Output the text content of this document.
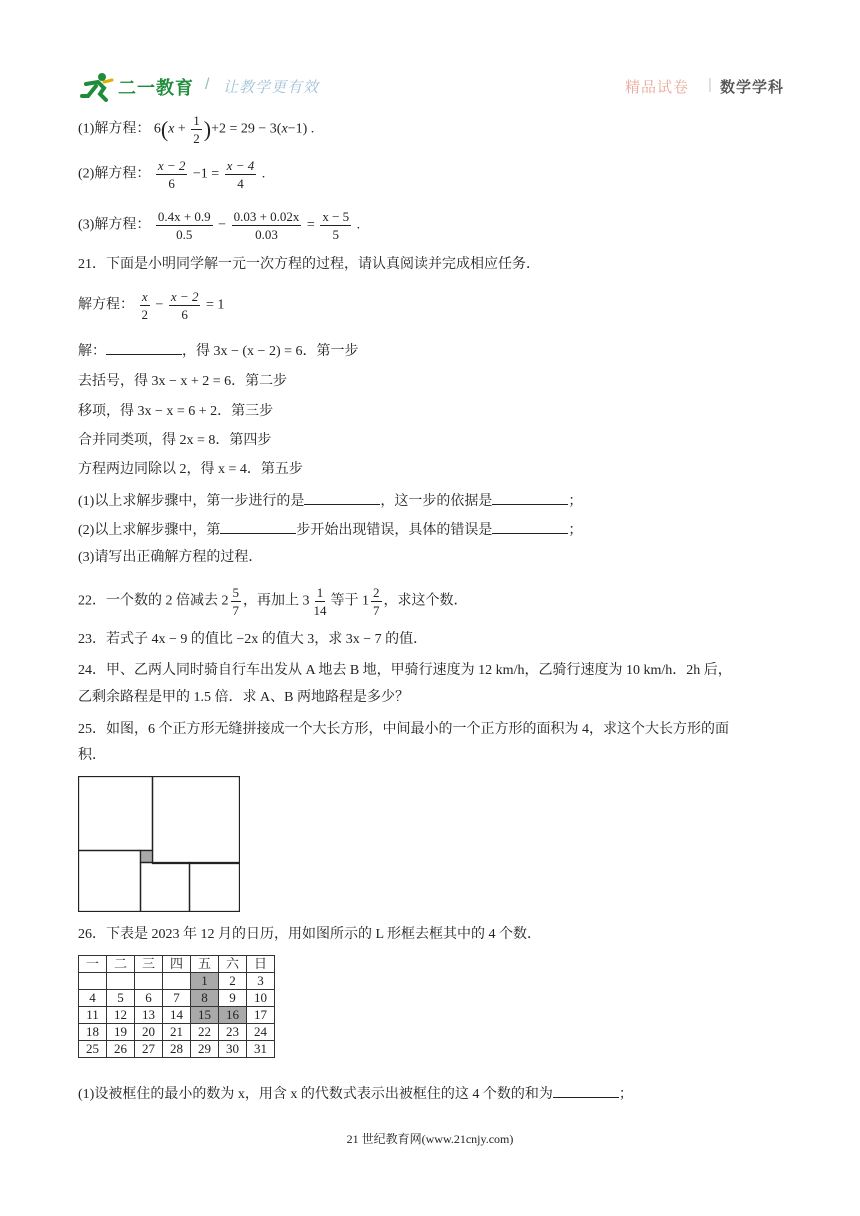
二一教育 / 让教学更有效	精品试卷 | 数学学科
(1)解方程： $6(x + \frac{1}{2} )+2 = 29 - 3(x-1)$ .
(2)解方程： $\frac{x - 2}{6} -1 = \frac{x - 4}{4}$ .
(3)解方程： $\frac{0.4x + 0.9}{0.5} - \frac{0.03 + 0.02x}{0.03} = \frac{x - 5}{5}$ .
21．下面是小明同学解一元一次方程的过程，请认真阅读并完成相应任务．
解方程： $\frac{x}{2} - \frac{x - 2}{6} = 1$
解：	，得 3x − (x − 2) = 6．第一步
去括号，得 3x − x + 2 = 6．第二步
移项，得 3x − x = 6 + 2．第三步
合并同类项，得 2x = 8．第四步
方程两边同除以 2，得 x = 4．第五步
(1)以上求解步骤中，第一步进行的是	，这一步的依据是	；
(2)以上求解步骤中，第	步开始出现错误，具体的错误是	；
(3)请写出正确解方程的过程．
22．一个数的 2 倍减去 $2 \frac{5}{7}$ ，再加上 $3 \frac{1}{14}$ 等于 $1 \frac{2}{7}$ ，求这个数．
23．若式子 4x − 9 的值比 −2x 的值大 3，求 3x − 7 的值．
24．甲、乙两人同时骑自行车出发从 A 地去 B 地，甲骑行速度为 12 km/h，乙骑行速度为 10 km/h．2h 后，
乙剩余路程是甲的 1.5 倍．求 A、B 两地路程是多少？
25．如图，6 个正方形无缝拼接成一个大长方形，中间最小的一个正方形的面积为 4，求这个大长方形的面
积．
26．下表是 2023 年 12 月的日历，用如图所示的 L 形框去框其中的 4 个数．
一	二	三	四	五	六	日
				1	2	3
4	5	6	7	8	9	10
11	12	13	14	15	16	17
18	19	20	21	22	23	24
25	26	27	28	29	30	31
(1)设被框住的最小的数为 x，用含 x 的代数式表示出被框住的这 4 个数的和为	；
21 世纪教育网(www.21cnjy.com)
